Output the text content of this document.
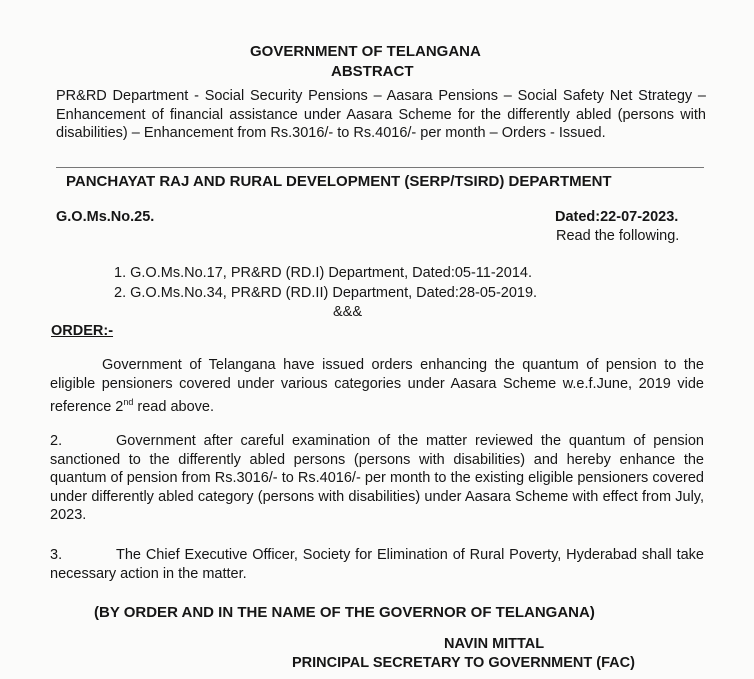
GOVERNMENT OF TELANGANA
ABSTRACT
PR&RD Department - Social Security Pensions – Aasara Pensions – Social Safety Net Strategy – Enhancement of financial assistance under Aasara Scheme for the differently abled (persons with disabilities) – Enhancement from Rs.3016/- to Rs.4016/- per month – Orders - Issued.
PANCHAYAT RAJ AND RURAL DEVELOPMENT (SERP/TSIRD) DEPARTMENT
G.O.Ms.No.25.	Dated:22-07-2023.
Read the following.
1. G.O.Ms.No.17, PR&RD (RD.I) Department, Dated:05-11-2014.
2. G.O.Ms.No.34, PR&RD (RD.II) Department, Dated:28-05-2019.
&&&
ORDER:-
Government of Telangana have issued orders enhancing the quantum of pension to the eligible pensioners covered under various categories under Aasara Scheme w.e.f.June, 2019 vide reference 2nd read above.
2.	Government after careful examination of the matter reviewed the quantum of pension sanctioned to the differently abled persons (persons with disabilities) and hereby enhance the quantum of pension from Rs.3016/- to Rs.4016/- per month to the existing eligible pensioners covered under differently abled category (persons with disabilities) under Aasara Scheme with effect from July, 2023.
3.	The Chief Executive Officer, Society for Elimination of Rural Poverty, Hyderabad shall take necessary action in the matter.
(BY ORDER AND IN THE NAME OF THE GOVERNOR OF TELANGANA)
NAVIN MITTAL
PRINCIPAL SECRETARY TO GOVERNMENT (FAC)
